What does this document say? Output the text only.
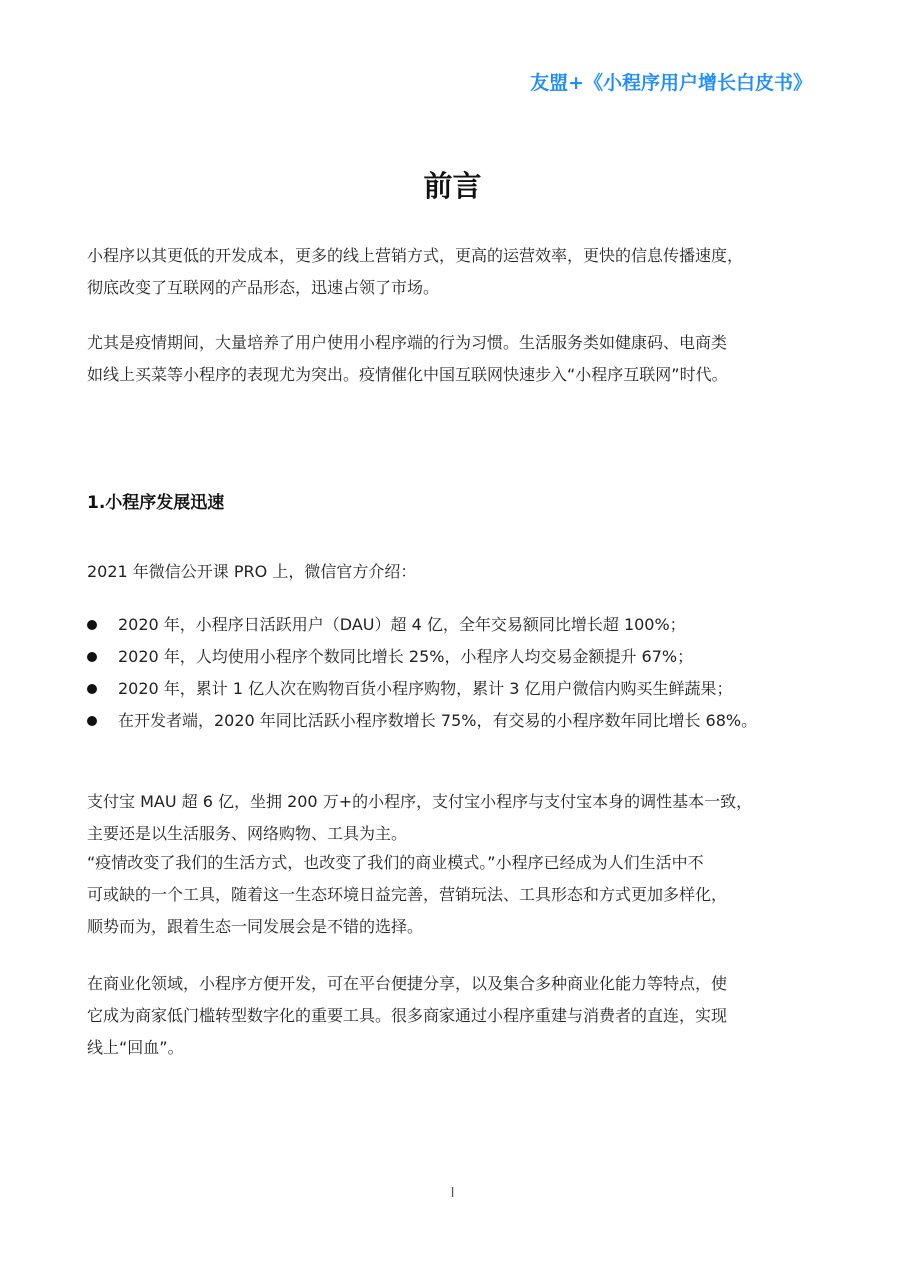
友盟+《小程序用户增长白皮书》
前言

小程序以其更低的开发成本，更多的线上营销方式，更高的运营效率，更快的信息传播速度，
彻底改变了互联网的产品形态，迅速占领了市场。

尤其是疫情期间，大量培养了用户使用小程序端的行为习惯。生活服务类如健康码、电商类
如线上买菜等小程序的表现尤为突出。疫情催化中国互联网快速步入“小程序互联网”时代。

1.小程序发展迅速

2021 年微信公开课 PRO 上，微信官方介绍：

2020 年，小程序日活跃用户（DAU）超 4 亿，全年交易额同比增长超 100%；
2020 年，人均使用小程序个数同比增长 25%，小程序人均交易金额提升 67%；
2020 年，累计 1 亿人次在购物百货小程序购物，累计 3 亿用户微信内购买生鲜蔬果；
在开发者端，2020 年同比活跃小程序数增长 75%，有交易的小程序数年同比增长 68%。

支付宝 MAU 超 6 亿，坐拥 200 万+的小程序，支付宝小程序与支付宝本身的调性基本一致，
主要还是以生活服务、网络购物、工具为主。

“疫情改变了我们的生活方式，也改变了我们的商业模式。”小程序已经成为人们生活中不
可或缺的一个工具，随着这一生态环境日益完善，营销玩法、工具形态和方式更加多样化，
顺势而为，跟着生态一同发展会是不错的选择。

在商业化领域，小程序方便开发，可在平台便捷分享，以及集合多种商业化能力等特点，使
它成为商家低门槛转型数字化的重要工具。很多商家通过小程序重建与消费者的直连，实现
线上“回血”。

I
